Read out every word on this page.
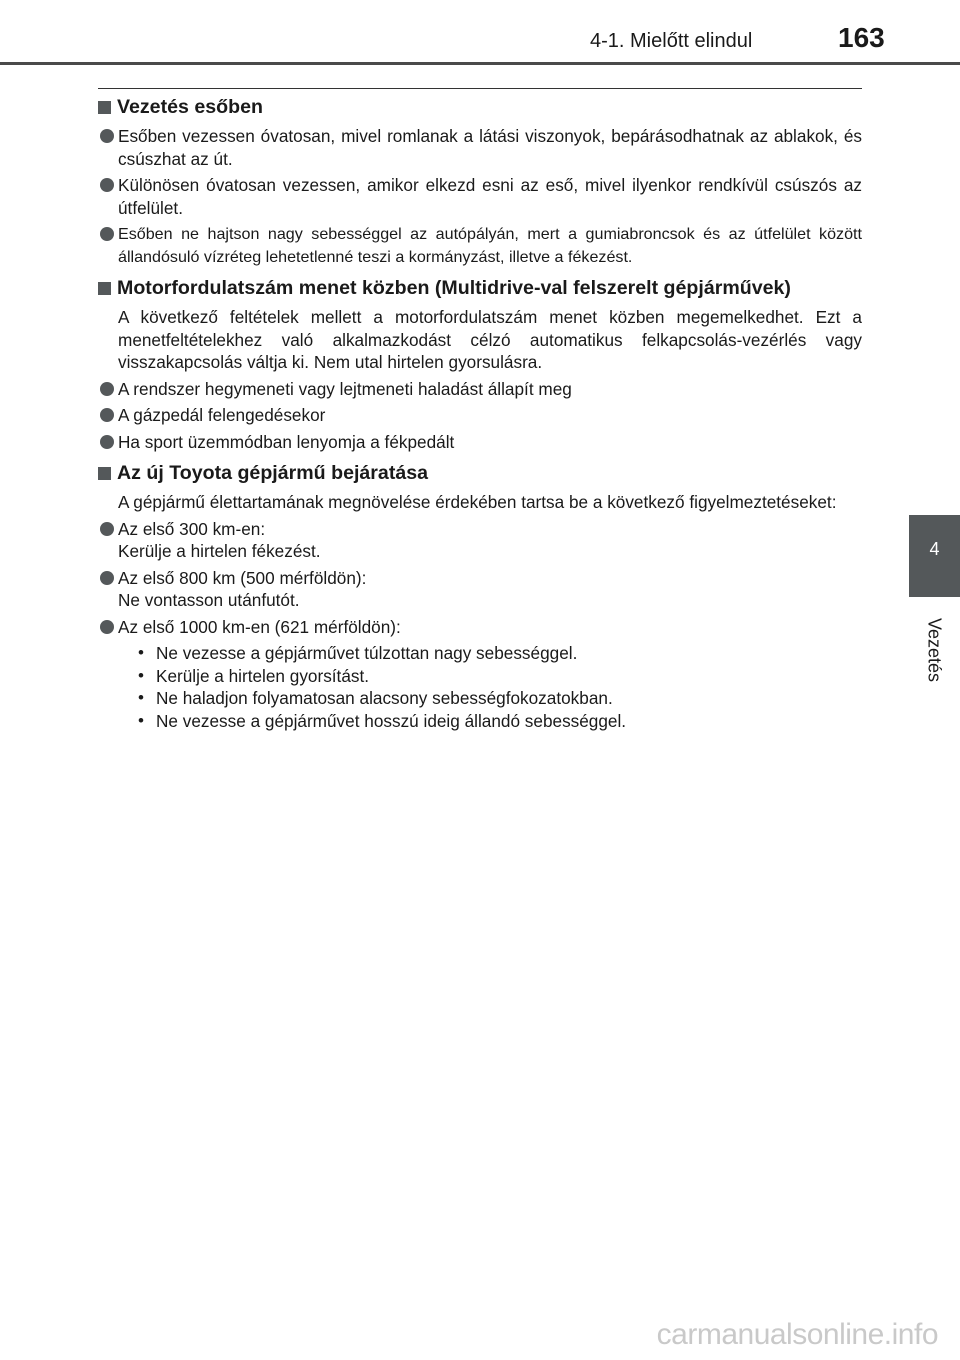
4-1. Mielőtt elindul	163
4
Vezetés
Vezetés esőben
Esőben vezessen óvatosan, mivel romlanak a látási viszonyok, bepárásodhatnak az ablakok, és csúszhat az út.
Különösen óvatosan vezessen, amikor elkezd esni az eső, mivel ilyenkor rendkívül csúszós az útfelület.
Esőben ne hajtson nagy sebességgel az autópályán, mert a gumiabroncsok és az útfelület között állandósuló vízréteg lehetetlenné teszi a kormányzást, illetve a fékezést.
Motorfordulatszám menet közben (Multidrive-val felszerelt gépjárművek)
A következő feltételek mellett a motorfordulatszám menet közben megemelkedhet. Ezt a menetfeltételekhez való alkalmazkodást célzó automatikus felkapcsolás-vezérlés vagy visszakapcsolás váltja ki. Nem utal hirtelen gyorsulásra.
A rendszer hegymeneti vagy lejtmeneti haladást állapít meg
A gázpedál felengedésekor
Ha sport üzemmódban lenyomja a fékpedált
Az új Toyota gépjármű bejáratása
A gépjármű élettartamának megnövelése érdekében tartsa be a következő figyelmeztetéseket:
Az első 300 km-en:
Kerülje a hirtelen fékezést.
Az első 800 km (500 mérföldön):
Ne vontasson utánfutót.
Az első 1000 km-en (621 mérföldön):
• Ne vezesse a gépjárművet túlzottan nagy sebességgel.
• Kerülje a hirtelen gyorsítást.
• Ne haladjon folyamatosan alacsony sebességfokozatokban.
• Ne vezesse a gépjárművet hosszú ideig állandó sebességgel.
carmanualsonline.info
